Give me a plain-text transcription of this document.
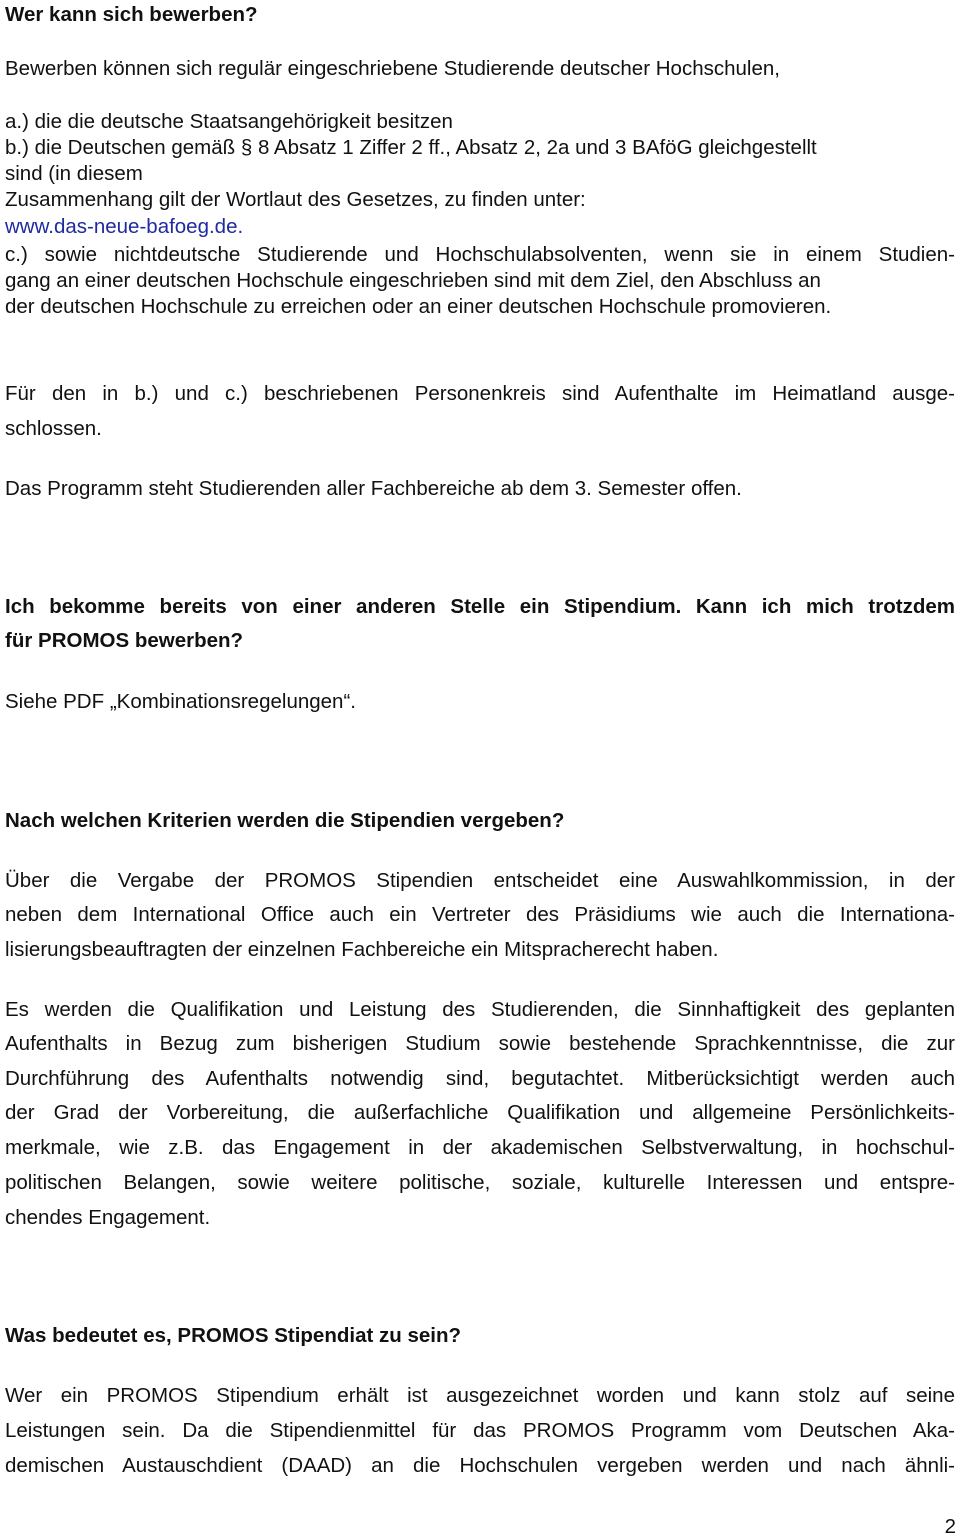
Wer kann sich bewerben?
Bewerben können sich regulär eingeschriebene Studierende deutscher Hochschulen,
a.) die die deutsche Staatsangehörigkeit besitzen
b.) die Deutschen gemäß § 8 Absatz 1 Ziffer 2 ff., Absatz 2, 2a und 3 BAföG gleichgestellt
sind (in diesem
Zusammenhang gilt der Wortlaut des Gesetzes, zu finden unter:
www.das-neue-bafoeg.de.
c.) sowie nichtdeutsche Studierende und Hochschulabsolventen, wenn sie in einem Studien-
gang an einer deutschen Hochschule eingeschrieben sind mit dem Ziel, den Abschluss an
der deutschen Hochschule zu erreichen oder an einer deutschen Hochschule promovieren.
Für den in b.) und c.) beschriebenen Personenkreis sind Aufenthalte im Heimatland ausge-
schlossen.
Das Programm steht Studierenden aller Fachbereiche ab dem 3. Semester offen.
Ich bekomme bereits von einer anderen Stelle ein Stipendium. Kann ich mich trotzdem
für PROMOS bewerben?
Siehe PDF „Kombinationsregelungen“.
Nach welchen Kriterien werden die Stipendien vergeben?
Über die Vergabe der PROMOS Stipendien entscheidet eine Auswahlkommission, in der
neben dem International Office auch ein Vertreter des Präsidiums wie auch die Internationa-
lisierungsbeauftragten der einzelnen Fachbereiche ein Mitspracherecht haben.
Es werden die Qualifikation und Leistung des Studierenden, die Sinnhaftigkeit des geplanten
Aufenthalts in Bezug zum bisherigen Studium sowie bestehende Sprachkenntnisse, die zur
Durchführung des Aufenthalts notwendig sind, begutachtet. Mitberücksichtigt werden auch
der Grad der Vorbereitung, die außerfachliche Qualifikation und allgemeine Persönlichkeits-
merkmale, wie z.B. das Engagement in der akademischen Selbstverwaltung, in hochschul-
politischen Belangen, sowie weitere politische, soziale, kulturelle Interessen und entspre-
chendes Engagement.
Was bedeutet es, PROMOS Stipendiat zu sein?
Wer ein PROMOS Stipendium erhält ist ausgezeichnet worden und kann stolz auf seine
Leistungen sein. Da die Stipendienmittel für das PROMOS Programm vom Deutschen Aka-
demischen Austauschdient (DAAD) an die Hochschulen vergeben werden und nach ähnli-
2
